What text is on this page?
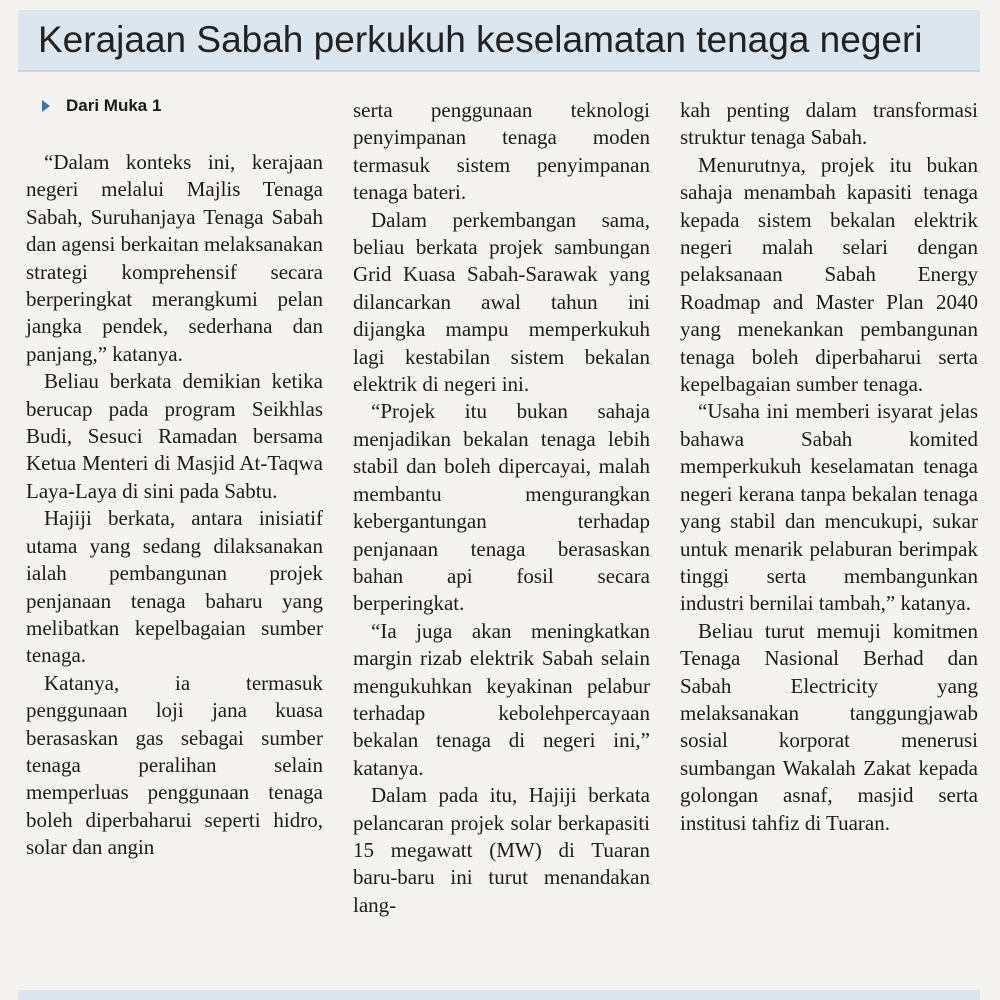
Kerajaan Sabah perkukuh keselamatan tenaga negeri
Dari Muka 1

“Dalam konteks ini, kerajaan negeri melalui Majlis Tenaga Sabah, Suruhanjaya Tenaga Sabah dan agensi berkaitan melaksanakan strategi komprehensif secara berperingkat merangkumi pelan jangka pendek, sederhana dan panjang,” katanya.

Beliau berkata demikian ketika berucap pada program Seikhlas Budi, Sesuci Ramadan bersama Ketua Menteri di Masjid At-Taqwa Laya-Laya di sini pada Sabtu.

Hajiji berkata, antara inisiatif utama yang sedang dilaksanakan ialah pembangunan projek penjanaan tenaga baharu yang melibatkan kepelbagaian sumber tenaga.

Katanya, ia termasuk penggunaan loji jana kuasa berasaskan gas sebagai sumber tenaga peralihan selain memperluas penggunaan tenaga boleh diperbaharui seperti hidro, solar dan angin

serta penggunaan teknologi penyimpanan tenaga moden termasuk sistem penyimpanan tenaga bateri.

Dalam perkembangan sama, beliau berkata projek sambungan Grid Kuasa Sabah-Sarawak yang dilancarkan awal tahun ini dijangka mampu memperkukuh lagi kestabilan sistem bekalan elektrik di negeri ini.

“Projek itu bukan sahaja menjadikan bekalan tenaga lebih stabil dan boleh dipercayai, malah membantu mengurangkan kebergantungan terhadap penjanaan tenaga berasaskan bahan api fosil secara berperingkat.

“Ia juga akan meningkatkan margin rizab elektrik Sabah selain mengukuhkan keyakinan pelabur terhadap kebolehpercayaan bekalan tenaga di negeri ini,” katanya.

Dalam pada itu, Hajiji berkata pelancaran projek solar berkapasiti 15 megawatt (MW) di Tuaran baru-baru ini turut menandakan lang-

kah penting dalam transformasi struktur tenaga Sabah.

Menurutnya, projek itu bukan sahaja menambah kapasiti tenaga kepada sistem bekalan elektrik negeri malah selari dengan pelaksanaan Sabah Energy Roadmap and Master Plan 2040 yang menekankan pembangunan tenaga boleh diperbaharui serta kepelbagaian sumber tenaga.

“Usaha ini memberi isyarat jelas bahawa Sabah komited memperkukuh keselamatan tenaga negeri kerana tanpa bekalan tenaga yang stabil dan mencukupi, sukar untuk menarik pelaburan berimpak tinggi serta membangunkan industri bernilai tambah,” katanya.

Beliau turut memuji komitmen Tenaga Nasional Berhad dan Sabah Electricity yang melaksanakan tanggungjawab sosial korporat menerusi sumbangan Wakalah Zakat kepada golongan asnaf, masjid serta institusi tahfiz di Tuaran.
